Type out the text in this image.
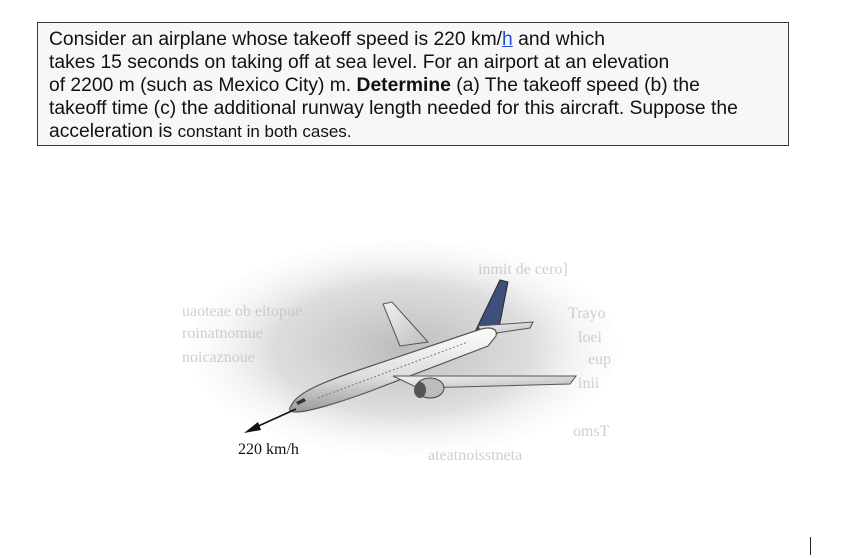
Consider an airplane whose takeoff speed is 220 km/h and which
takes 15 seconds on taking off at sea level. For an airport at an elevation
of 2200 m (such as Mexico City) m. Determine (a) The takeoff speed (b) the
takeoff time (c) the additional runway length needed for this aircraft. Suppose the
acceleration is constant in both cases.
inmit de cero]
uaoteae ob eitopue	Trayo
roinatnomue	loei
noicaznoue	eup
inii
omsT
ateatnoisstneta
220 km/h
